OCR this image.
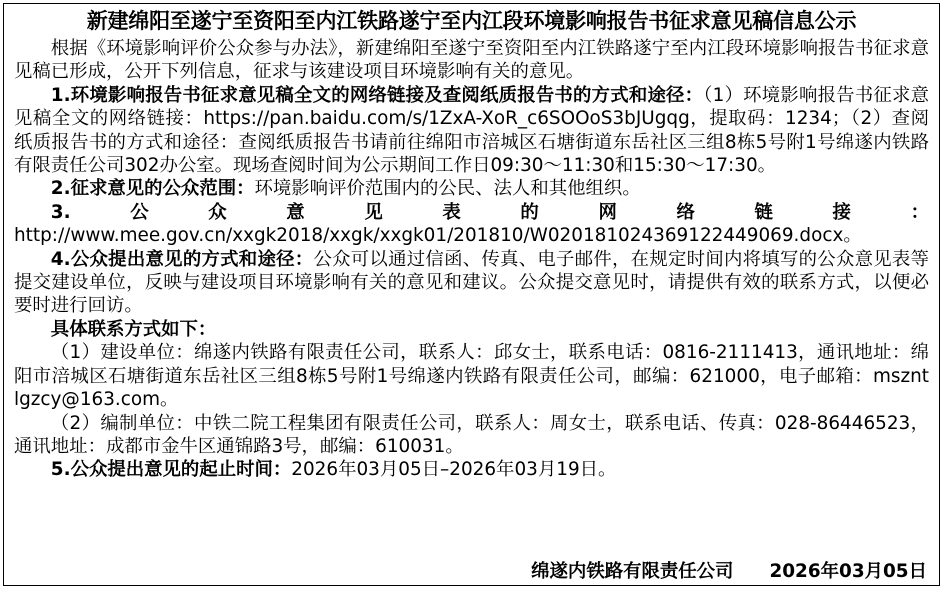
新建绵阳至遂宁至资阳至内江铁路遂宁至内江段环境影响报告书征求意见稿信息公示

根据《环境影响评价公众参与办法》，新建绵阳至遂宁至资阳至内江铁路遂宁至内江段环境影响报告书征求意见稿已形成，公开下列信息，征求与该建设项目环境影响有关的意见。

1.环境影响报告书征求意见稿全文的网络链接及查阅纸质报告书的方式和途径：（1）环境影响报告书征求意见稿全文的网络链接：https://pan.baidu.com/s/1ZxA-XoR_c6SOOoS3bJUgqg，提取码：1234；（2）查阅纸质报告书的方式和途径：查阅纸质报告书请前往绵阳市涪城区石塘街道东岳社区三组8栋5号附1号绵遂内铁路有限责任公司302办公室。现场查阅时间为公示期间工作日09:30～11:30和15:30～17:30。

2.征求意见的公众范围：环境影响评价范围内的公民、法人和其他组织。

3.公众意见表的网络链接：http://www.mee.gov.cn/xxgk2018/xxgk/xxgk01/201810/W020181024369122449069.docx。

4.公众提出意见的方式和途径：公众可以通过信函、传真、电子邮件，在规定时间内将填写的公众意见表等提交建设单位，反映与建设项目环境影响有关的意见和建议。公众提交意见时，请提供有效的联系方式，以便必要时进行回访。

具体联系方式如下：

（1）建设单位：绵遂内铁路有限责任公司，联系人：邱女士，联系电话：0816-2111413，通讯地址：绵阳市涪城区石塘街道东岳社区三组8栋5号附1号绵遂内铁路有限责任公司，邮编：621000，电子邮箱：msznt lgzcy@163.com。

（2）编制单位：中铁二院工程集团有限责任公司，联系人：周女士，联系电话、传真：028-86446523，通讯地址：成都市金牛区通锦路3号，邮编：610031。

5.公众提出意见的起止时间：2026年03月05日–2026年03月19日。

绵遂内铁路有限责任公司 2026年03月05日
